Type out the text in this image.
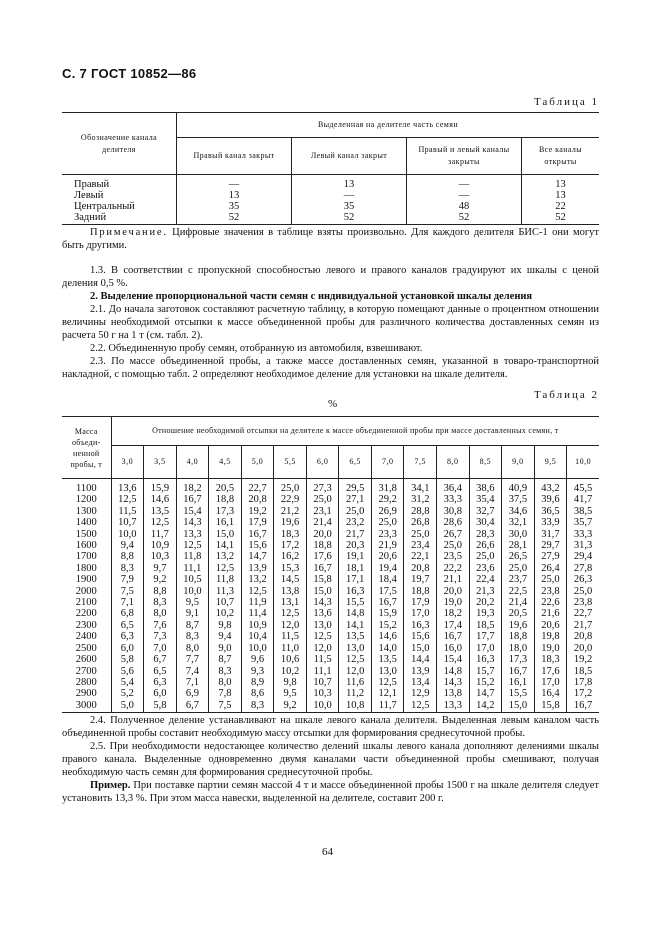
С. 7 ГОСТ 10852—86
Таблица 1
Обозначение канала делителя	Выделенная на делителе часть семян			
	Правый канал закрыт	Левый канал закрыт	Правый и левый каналы закрыты	Все каналы открыты
Правый	—	13	—	13
Левый	13	—	—	13
Центральный	35	35	48	22
Задний	52	52	52	52
Примечание. Цифровые значения в таблице взяты произвольно. Для каждого делителя БИС-1 они могут быть другими.
1.3. В соответствии с пропускной способностью левого и правого каналов градуируют их шкалы с ценой деления 0,5 %.
2. Выделение пропорциональной части семян с индивидуальной установкой шкалы деления
2.1. До начала заготовок составляют расчетную таблицу, в которую помещают данные о процентном отношении величины необходимой отсыпки к массе объединенной пробы для различного количества доставленных семян из расчета 50 г на 1 т (см. табл. 2).
2.2. Объединенную пробу семян, отобранную из автомобиля, взвешивают.
2.3. По массе объединенной пробы, а также массе доставленных семян, указанной в товаро-транспортной накладной, с помощью табл. 2 определяют необходимое деление для установки на шкале делителя.
Таблица 2
%
Масса объеди-ненной пробы, т	Отношение необходимой отсыпки на делителе к массе объединенной пробы при массе доставленных семян, т														
	3,0	3,5	4,0	4,5	5,0	5,5	6,0	6,5	7,0	7,5	8,0	8,5	9,0	9,5	10,0
1100	13,6	15,9	18,2	20,5	22,7	25,0	27,3	29,5	31,8	34,1	36,4	38,6	40,9	43,2	45,5
1200	12,5	14,6	16,7	18,8	20,8	22,9	25,0	27,1	29,2	31,2	33,3	35,4	37,5	39,6	41,7
1300	11,5	13,5	15,4	17,3	19,2	21,2	23,1	25,0	26,9	28,8	30,8	32,7	34,6	36,5	38,5
1400	10,7	12,5	14,3	16,1	17,9	19,6	21,4	23,2	25,0	26,8	28,6	30,4	32,1	33,9	35,7
1500	10,0	11,7	13,3	15,0	16,7	18,3	20,0	21,7	23,3	25,0	26,7	28,3	30,0	31,7	33,3
1600	9,4	10,9	12,5	14,1	15,6	17,2	18,8	20,3	21,9	23,4	25,0	26,6	28,1	29,7	31,3
1700	8,8	10,3	11,8	13,2	14,7	16,2	17,6	19,1	20,6	22,1	23,5	25,0	26,5	27,9	29,4
1800	8,3	9,7	11,1	12,5	13,9	15,3	16,7	18,1	19,4	20,8	22,2	23,6	25,0	26,4	27,8
1900	7,9	9,2	10,5	11,8	13,2	14,5	15,8	17,1	18,4	19,7	21,1	22,4	23,7	25,0	26,3
2000	7,5	8,8	10,0	11,3	12,5	13,8	15,0	16,3	17,5	18,8	20,0	21,3	22,5	23,8	25,0
2100	7,1	8,3	9,5	10,7	11,9	13,1	14,3	15,5	16,7	17,9	19,0	20,2	21,4	22,6	23,8
2200	6,8	8,0	9,1	10,2	11,4	12,5	13,6	14,8	15,9	17,0	18,2	19,3	20,5	21,6	22,7
2300	6,5	7,6	8,7	9,8	10,9	12,0	13,0	14,1	15,2	16,3	17,4	18,5	19,6	20,6	21,7
2400	6,3	7,3	8,3	9,4	10,4	11,5	12,5	13,5	14,6	15,6	16,7	17,7	18,8	19,8	20,8
2500	6,0	7,0	8,0	9,0	10,0	11,0	12,0	13,0	14,0	15,0	16,0	17,0	18,0	19,0	20,0
2600	5,8	6,7	7,7	8,7	9,6	10,6	11,5	12,5	13,5	14,4	15,4	16,3	17,3	18,3	19,2
2700	5,6	6,5	7,4	8,3	9,3	10,2	11,1	12,0	13,0	13,9	14,8	15,7	16,7	17,6	18,5
2800	5,4	6,3	7,1	8,0	8,9	9,8	10,7	11,6	12,5	13,4	14,3	15,2	16,1	17,0	17,8
2900	5,2	6,0	6,9	7,8	8,6	9,5	10,3	11,2	12,1	12,9	13,8	14,7	15,5	16,4	17,2
3000	5,0	5,8	6,7	7,5	8,3	9,2	10,0	10,8	11,7	12,5	13,3	14,2	15,0	15,8	16,7
2.4. Полученное деление устанавливают на шкале левого канала делителя. Выделенная левым каналом часть объединенной пробы составит необходимую массу отсыпки для формирования среднесуточной пробы.
2.5. При необходимости недостающее количество делений шкалы левого канала дополняют делениями шкалы правого канала. Выделенные одновременно двумя каналами части объединенной пробы смешивают, получая необходимую часть семян для формирования среднесуточной пробы.
Пример. При поставке партии семян массой 4 т и массе объединенной пробы 1500 г на шкале делителя следует установить 13,3 %. При этом масса навески, выделенной на делителе, составит 200 г.
64
